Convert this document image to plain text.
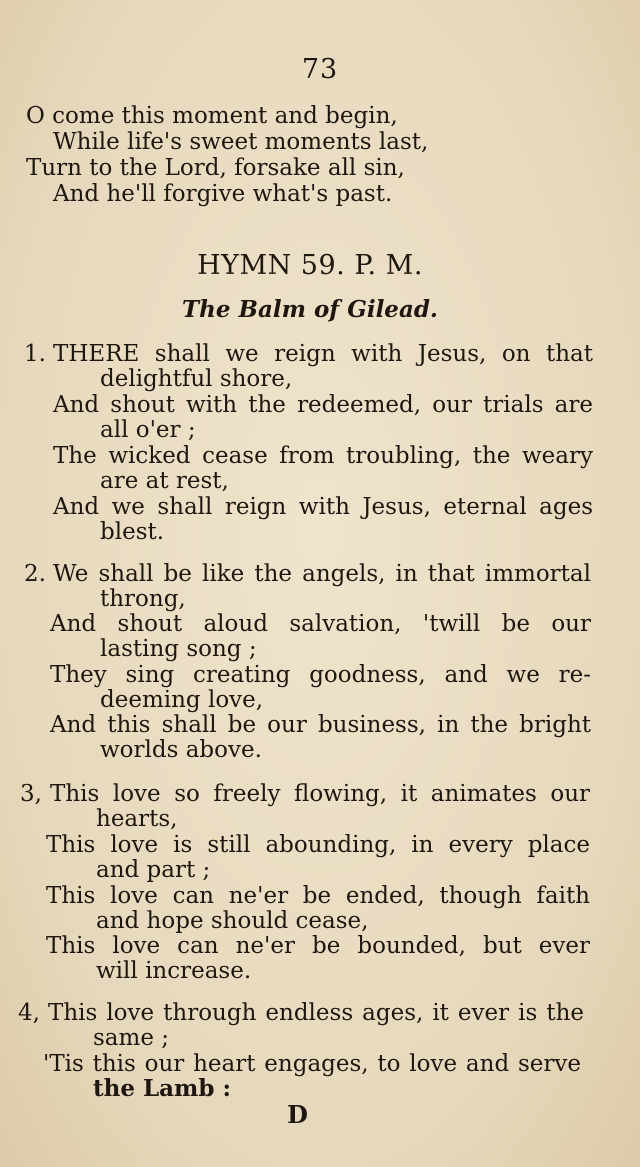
73
O come this moment and begin,
While life's sweet moments last,
Turn to the Lord, forsake all sin,
And he'll forgive what's past.
HYMN 59. P. M.
The Balm of Gilead.
1. THERE shall we reign with Jesus, on that
delightful shore,
And shout with the redeemed, our trials are
all o'er ;
The wicked cease from troubling, the weary
are at rest,
And we shall reign with Jesus, eternal ages
blest.
2. We shall be like the angels, in that immortal
throng,
And shout aloud salvation, 'twill be our
lasting song ;
They sing creating goodness, and we re-
deeming love,
And this shall be our business, in the bright
worlds above.
3, This love so freely flowing, it animates our
hearts,
This love is still abounding, in every place
and part ;
This love can ne'er be ended, though faith
and hope should cease,
This love can ne'er be bounded, but ever
will increase.
4, This love through endless ages, it ever is the
same ;
'Tis this our heart engages, to love and serve
the Lamb :
D
